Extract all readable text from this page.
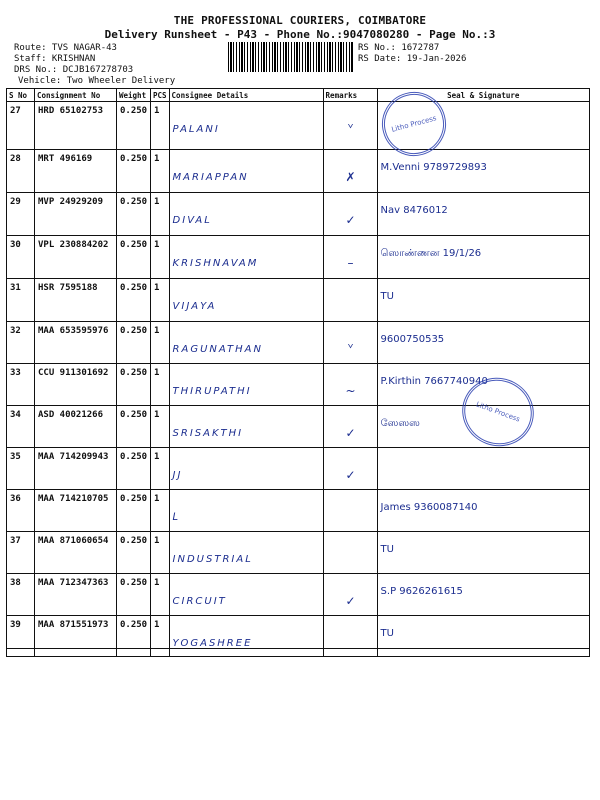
THE PROFESSIONAL COURIERS, COIMBATORE
Delivery Runsheet - P43 - Phone No.:9047080280 - Page No.:3
Route: TVS NAGAR-43
Staff: KRISHNAN
DRS No.: DCJB167278703
Vehicle: Two Wheeler Delivery
RS No.: 1672787
RS Date: 19-Jan-2026
S No	Consignment No	Weight	PCS	Consignee Details	Remarks	Seal & Signature
27	HRD 65102753	0.250	1	PALANI	ᘁ	
28	MRT 496169	0.250	1	MARIAPPAN	✗	M.Venni 9789729893
29	MVP 24929209	0.250	1	DIVAL	✓	Nav 8476012
30	VPL 230884202	0.250	1	KRISHNAVAM	–	ஸொண்ணன 19/1/26
31	HSR 7595188	0.250	1	VIJAYA		TU
32	MAA 653595976	0.250	1	RAGUNATHAN	ᘁ	9600750535
33	CCU 911301692	0.250	1	THIRUPATHI	~	P.Kirthin 7667740940
34	ASD 40021266	0.250	1	SRISAKTHI	✓	ஸேஸஸ
35	MAA 714209943	0.250	1	JJ	✓	
36	MAA 714210705	0.250	1	ᒪ		James 9360087140
37	MAA 871060654	0.250	1	INDUSTRIAL		TU
38	MAA 712347363	0.250	1	CIRCUIT	✓	S.P 9626261615
39	MAA 871551973	0.250	1	YOGASHREE		TU
Litho Process
Litho Process
